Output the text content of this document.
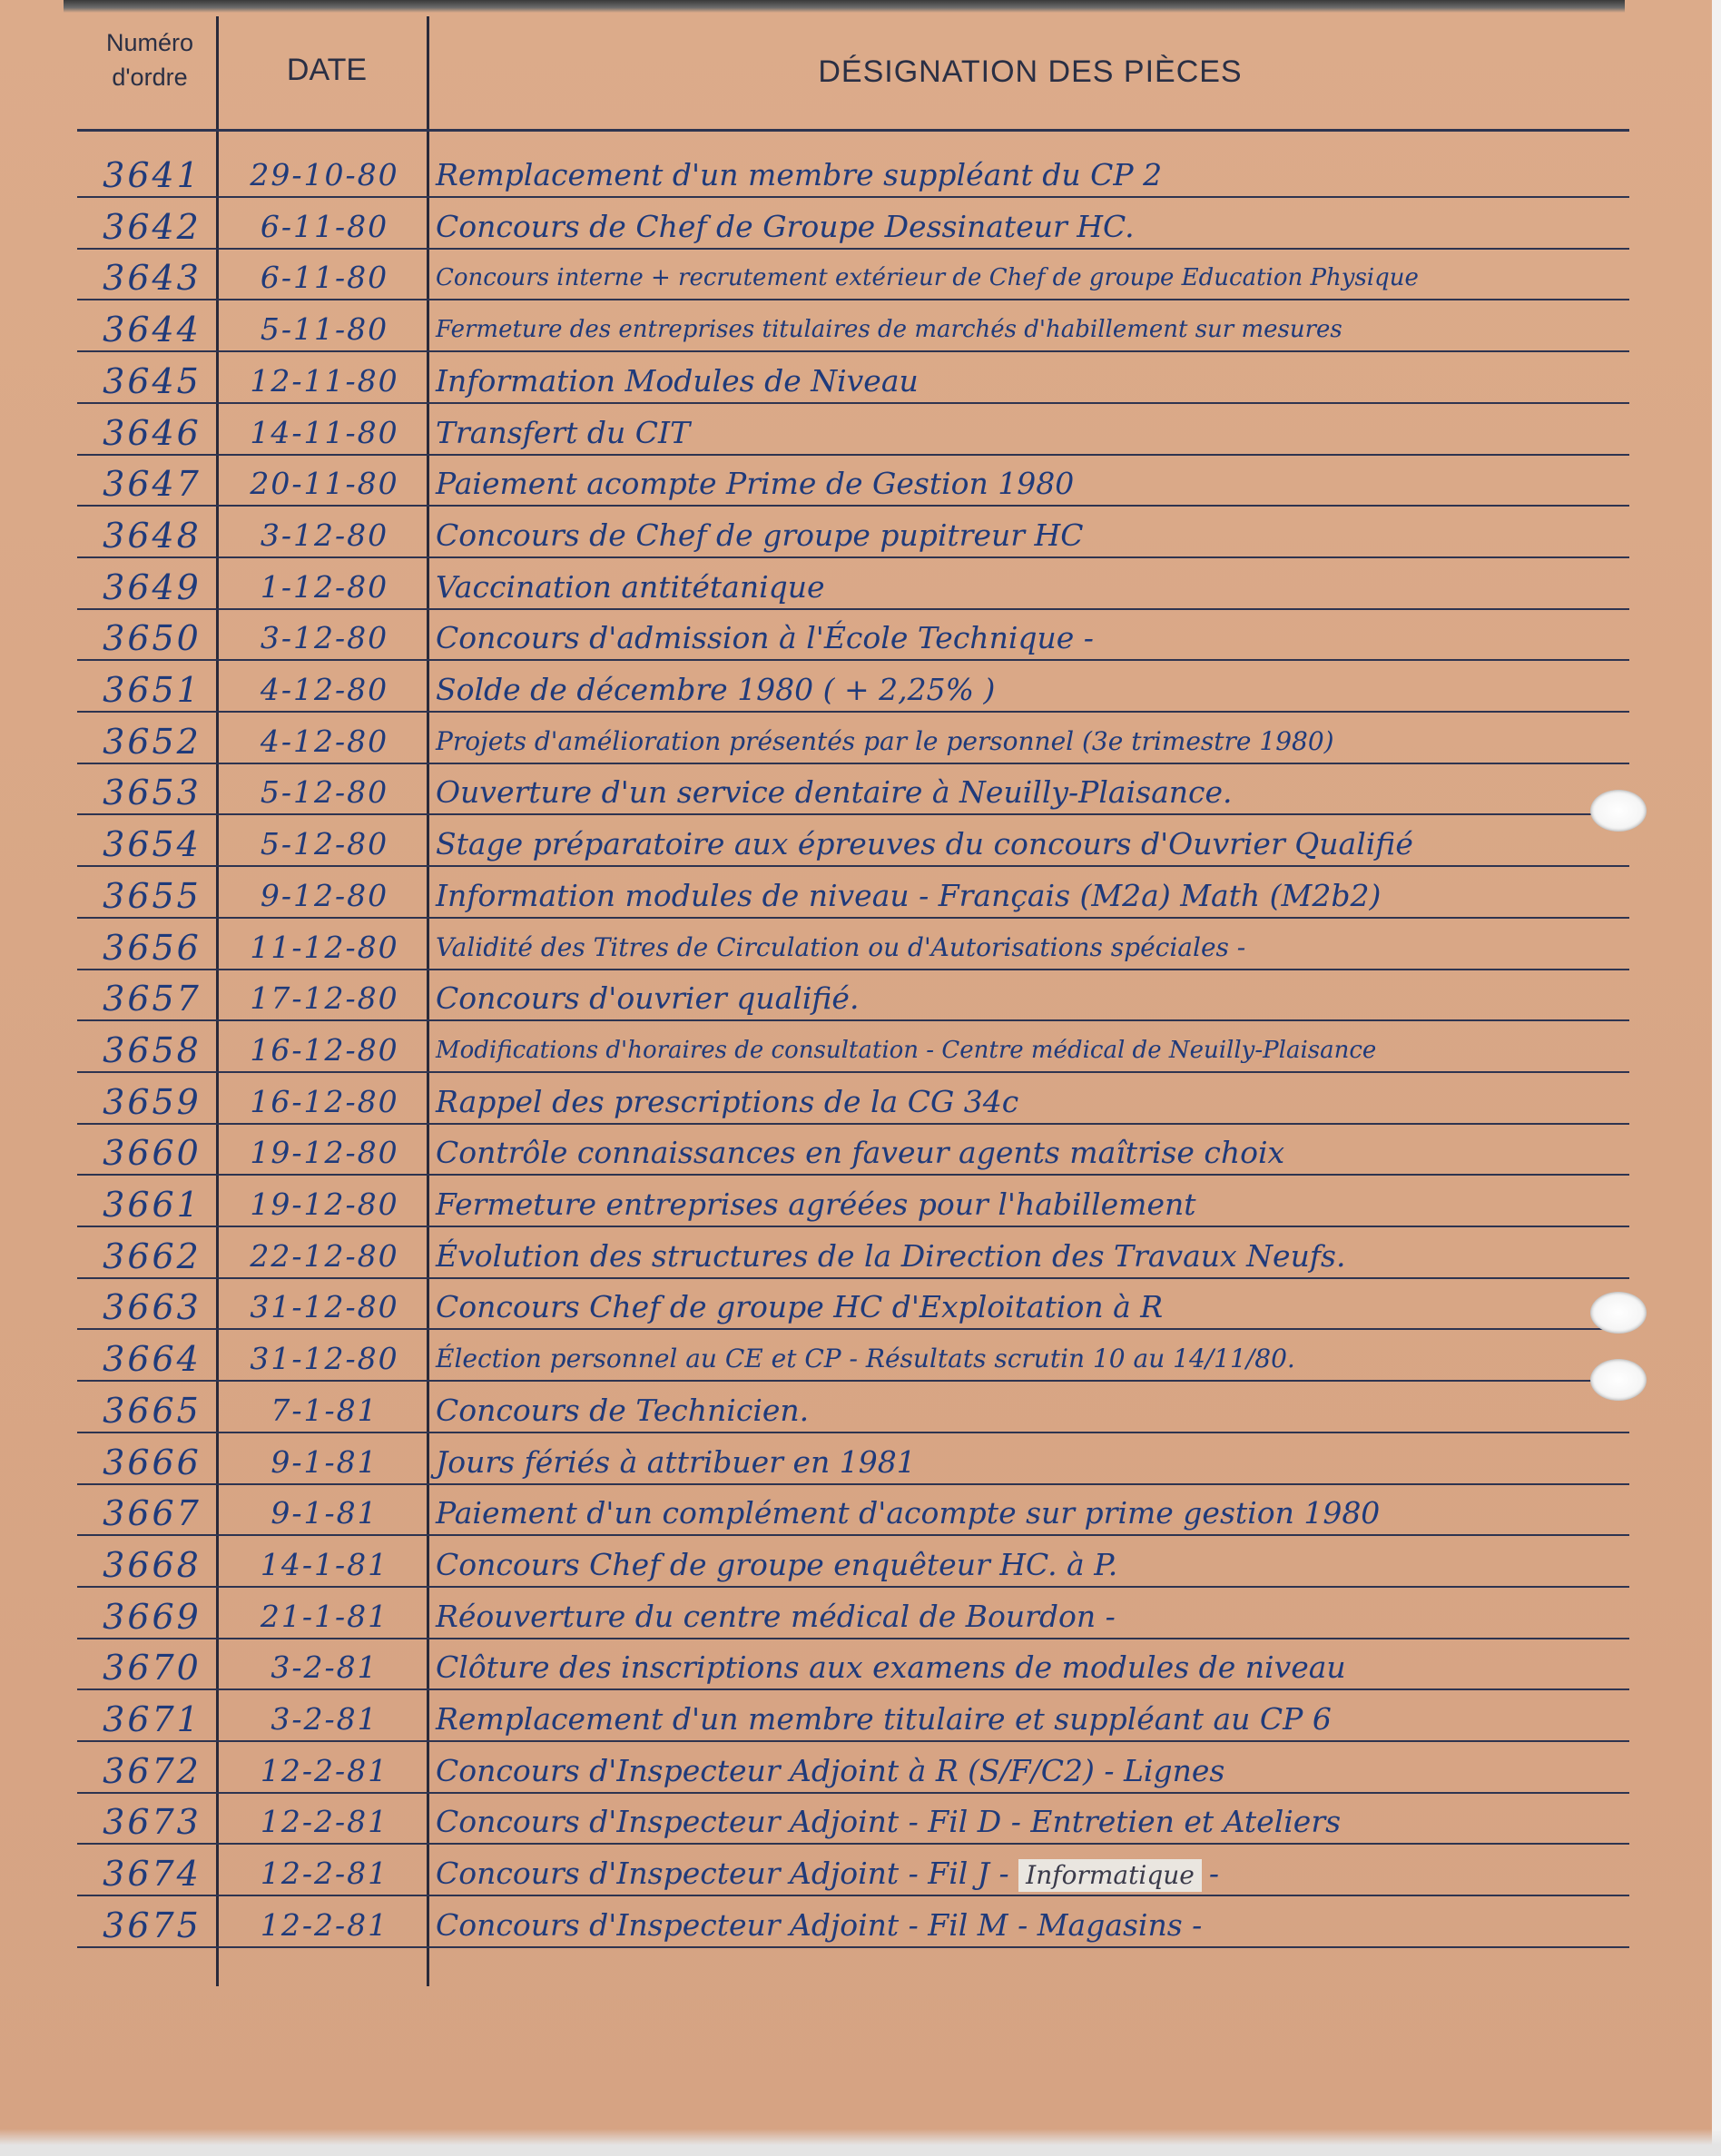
Numéro d'ordre	DATE	DÉSIGNATION DES PIÈCES
3641	29-10-80	Remplacement d'un membre suppléant du CP 2
3642	6-11-80	Concours de Chef de Groupe Dessinateur HC.
3643	6-11-80	Concours interne + recrutement extérieur de Chef de groupe Education Physique
3644	5-11-80	Fermeture des entreprises titulaires de marchés d'habillement sur mesures
3645	12-11-80	Information Modules de Niveau
3646	14-11-80	Transfert du CIT
3647	20-11-80	Paiement acompte Prime de Gestion 1980
3648	3-12-80	Concours de Chef de groupe pupitreur HC
3649	1-12-80	Vaccination antitétanique
3650	3-12-80	Concours d'admission à l'École Technique -
3651	4-12-80	Solde de décembre 1980 ( + 2,25% )
3652	4-12-80	Projets d'amélioration présentés par le personnel (3e trimestre 1980)
3653	5-12-80	Ouverture d'un service dentaire à Neuilly-Plaisance.
3654	5-12-80	Stage préparatoire aux épreuves du concours d'Ouvrier Qualifié
3655	9-12-80	Information modules de niveau - Français (M2a) Math (M2b2)
3656	11-12-80	Validité des Titres de Circulation ou d'Autorisations spéciales -
3657	17-12-80	Concours d'ouvrier qualifié.
3658	16-12-80	Modifications d'horaires de consultation - Centre médical de Neuilly-Plaisance
3659	16-12-80	Rappel des prescriptions de la CG 34c
3660	19-12-80	Contrôle connaissances en faveur agents maîtrise choix
3661	19-12-80	Fermeture entreprises agréées pour l'habillement
3662	22-12-80	Évolution des structures de la Direction des Travaux Neufs.
3663	31-12-80	Concours Chef de groupe HC d'Exploitation à R
3664	31-12-80	Élection personnel au CE et CP - Résultats scrutin 10 au 14/11/80.
3665	7-1-81	Concours de Technicien.
3666	9-1-81	Jours fériés à attribuer en 1981
3667	9-1-81	Paiement d'un complément d'acompte sur prime gestion 1980
3668	14-1-81	Concours Chef de groupe enquêteur HC. à P.
3669	21-1-81	Réouverture du centre médical de Bourdon -
3670	3-2-81	Clôture des inscriptions aux examens de modules de niveau
3671	3-2-81	Remplacement d'un membre titulaire et suppléant au CP 6
3672	12-2-81	Concours d'Inspecteur Adjoint à R (S/F/C2) - Lignes
3673	12-2-81	Concours d'Inspecteur Adjoint - Fil D - Entretien et Ateliers
3674	12-2-81	Concours d'Inspecteur Adjoint - Fil J - Informatique -
3675	12-2-81	Concours d'Inspecteur Adjoint - Fil M - Magasins -
